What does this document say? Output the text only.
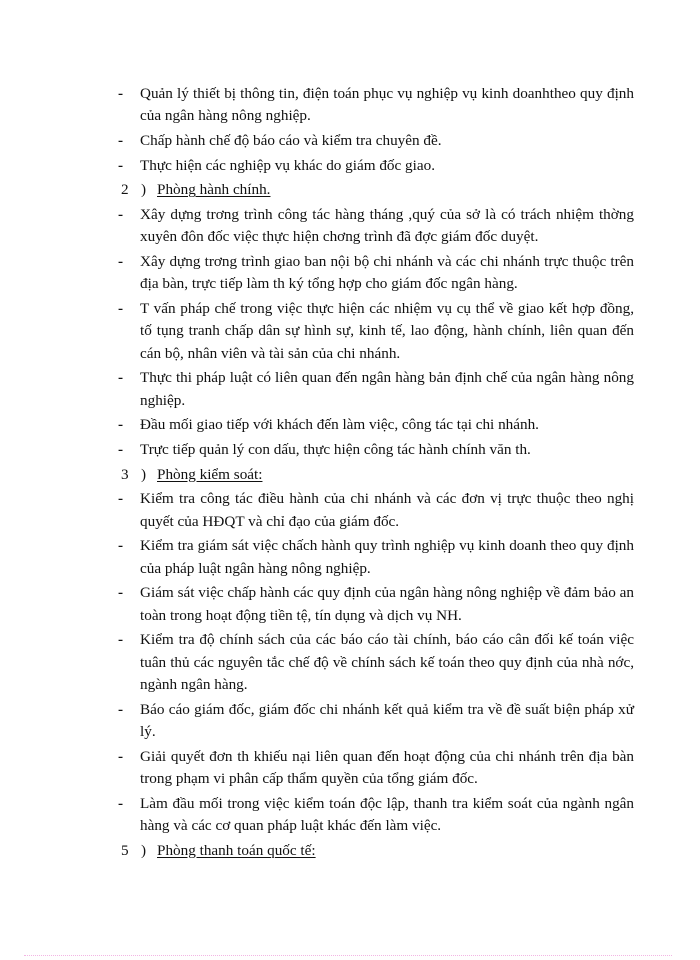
-	Quản lý thiết bị thông tin, điện toán phục vụ nghiệp vụ kinh doanhtheo quy định của ngân hàng nông nghiệp.
-	Chấp hành chế độ báo cáo và kiểm tra chuyên đề.
-	Thực hiện các nghiệp vụ khác do giám đốc giao.
2 ) Phòng hành chính.
-	Xây dựng trơng trình công tác hàng tháng ,quý của sở là có trách nhiệm thờng xuyên đôn đốc việc thực hiện chơng trình đã đợc giám đốc duyệt.
-	Xây dựng trơng trình giao ban nội bộ chi nhánh và các chi nhánh trực thuộc trên địa bàn, trực tiếp làm th ký tổng hợp cho giám đốc ngân hàng.
-	T vấn pháp chế trong việc thực hiện các nhiệm vụ cụ thể về giao kết hợp đồng, tố tụng tranh chấp dân sự hình sự, kinh tế, lao động, hành chính, liên quan đến cán bộ, nhân viên và tài sản của chi nhánh.
-	Thực thi pháp luật có liên quan đến ngân hàng bản định chế của ngân hàng nông nghiệp.
-	Đầu mối giao tiếp với khách đến làm việc, công tác tại chi nhánh.
-	Trực tiếp quản lý con dấu, thực hiện công tác hành chính văn th.
3 ) Phòng kiểm soát:
-	Kiểm tra công tác điều hành của chi nhánh và các đơn vị trực thuộc theo nghị quyết của HĐQT và chỉ đạo của giám đốc.
-	Kiểm tra giám sát việc chấch hành quy trình nghiệp vụ kinh doanh theo quy định của pháp luật ngân hàng nông nghiệp.
-	Giám sát việc chấp hành các quy định của ngân hàng nông nghiệp về đảm bảo an toàn trong hoạt động tiền tệ, tín dụng và dịch vụ NH.
-	Kiểm tra độ chính sách của các báo cáo tài chính, báo cáo cân đối kế toán việc tuân thủ các nguyên tắc chế độ về chính sách kế toán theo quy định của nhà nớc, ngành ngân hàng.
-	Báo cáo giám đốc, giám đốc chi nhánh kết quả kiểm tra về đề suất biện pháp xử lý.
-	Giải quyết đơn th khiếu nại liên quan đến hoạt động của chi nhánh trên địa bàn trong phạm vi phân cấp thẩm quyền của tổng giám đốc.
-	Làm đầu mối trong việc kiểm toán độc lập, thanh tra kiểm soát của ngành ngân hàng và các cơ quan pháp luật khác đến làm việc.
5 ) Phòng thanh toán quốc tế:
